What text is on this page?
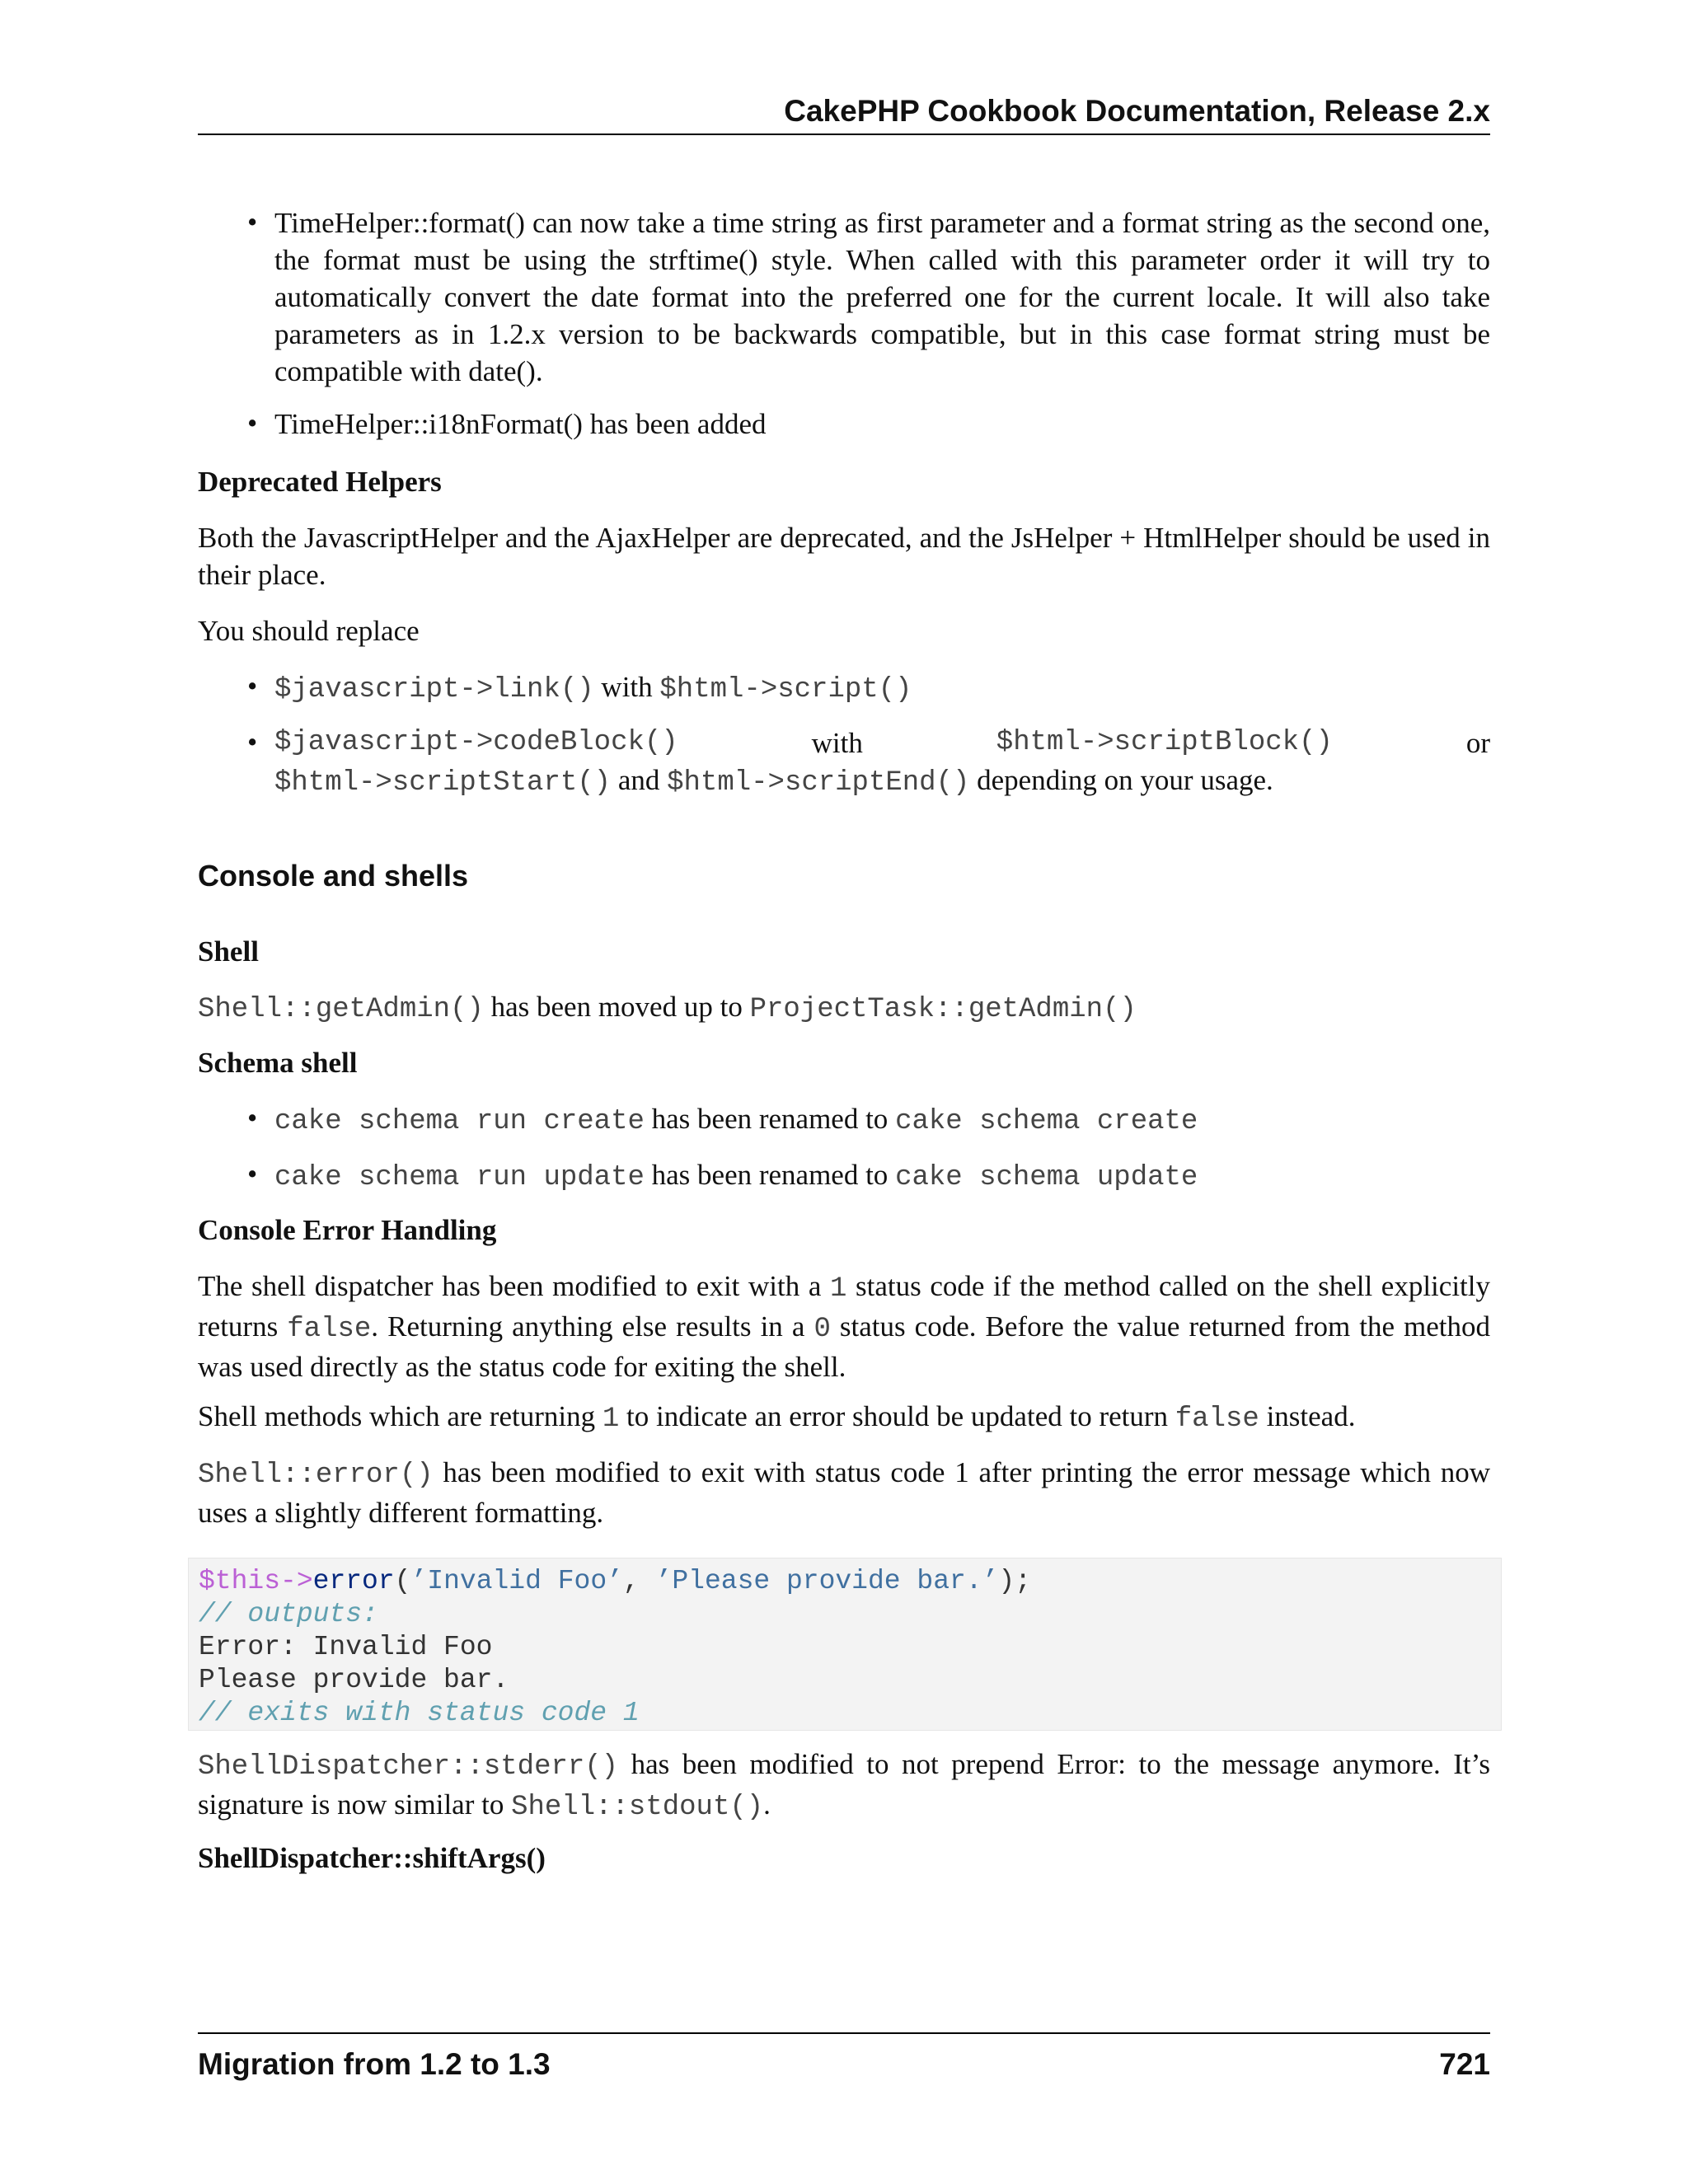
CakePHP Cookbook Documentation, Release 2.x
• TimeHelper::format() can now take a time string as first parameter and a format string as the second one, the format must be using the strftime() style. When called with this parameter order it will try to automatically convert the date format into the preferred one for the current locale. It will also take parameters as in 1.2.x version to be backwards compatible, but in this case format string must be compatible with date().
• TimeHelper::i18nFormat() has been added
Deprecated Helpers
Both the JavascriptHelper and the AjaxHelper are deprecated, and the JsHelper + HtmlHelper should be used in their place.
You should replace
• $javascript->link() with $html->script()
• $javascript->codeBlock()	with	$html->scriptBlock()	or
$html->scriptStart() and $html->scriptEnd() depending on your usage.
Console and shells
Shell
Shell::getAdmin() has been moved up to ProjectTask::getAdmin()
Schema shell
• cake schema run create has been renamed to cake schema create
• cake schema run update has been renamed to cake schema update
Console Error Handling
The shell dispatcher has been modified to exit with a 1 status code if the method called on the shell explicitly returns false. Returning anything else results in a 0 status code. Before the value returned from the method was used directly as the status code for exiting the shell.
Shell methods which are returning 1 to indicate an error should be updated to return false instead.
Shell::error() has been modified to exit with status code 1 after printing the error message which now uses a slightly different formatting.
$this->error(’Invalid Foo’, ’Please provide bar.’);
// outputs:
Error: Invalid Foo
Please provide bar.
// exits with status code 1
ShellDispatcher::stderr() has been modified to not prepend Error: to the message anymore. It’s signature is now similar to Shell::stdout().
ShellDispatcher::shiftArgs()
Migration from 1.2 to 1.3	721
